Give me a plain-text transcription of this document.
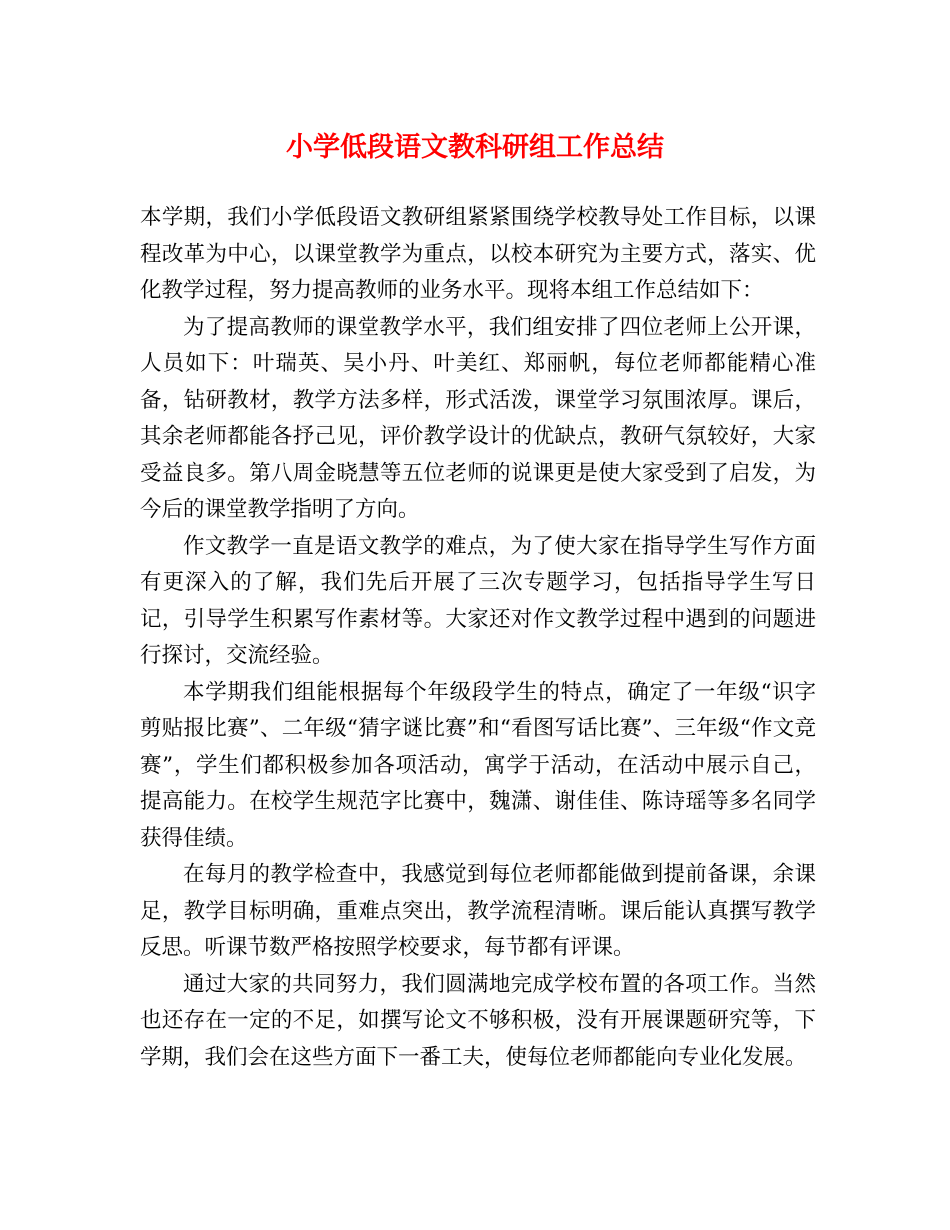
小学低段语文教科研组工作总结

本学期，我们小学低段语文教研组紧紧围绕学校教导处工作目标，以课程改革为中心，以课堂教学为重点，以校本研究为主要方式，落实、优化教学过程，努力提高教师的业务水平。现将本组工作总结如下：

为了提高教师的课堂教学水平，我们组安排了四位老师上公开课，人员如下：叶瑞英、吴小丹、叶美红、郑丽帆，每位老师都能精心准备，钻研教材，教学方法多样，形式活泼，课堂学习氛围浓厚。课后，其余老师都能各抒己见，评价教学设计的优缺点，教研气氛较好，大家受益良多。第八周金晓慧等五位老师的说课更是使大家受到了启发，为今后的课堂教学指明了方向。

作文教学一直是语文教学的难点，为了使大家在指导学生写作方面有更深入的了解，我们先后开展了三次专题学习，包括指导学生写日记，引导学生积累写作素材等。大家还对作文教学过程中遇到的问题进行探讨，交流经验。

本学期我们组能根据每个年级段学生的特点，确定了一年级“识字剪贴报比赛”、二年级“猜字谜比赛”和“看图写话比赛”、三年级“作文竞赛”，学生们都积极参加各项活动，寓学于活动，在活动中展示自己，提高能力。在校学生规范字比赛中，魏潇、谢佳佳、陈诗瑶等多名同学获得佳绩。

在每月的教学检查中，我感觉到每位老师都能做到提前备课，余课足，教学目标明确，重难点突出，教学流程清晰。课后能认真撰写教学反思。听课节数严格按照学校要求，每节都有评课。

通过大家的共同努力，我们圆满地完成学校布置的各项工作。当然也还存在一定的不足，如撰写论文不够积极，没有开展课题研究等，下学期，我们会在这些方面下一番工夫，使每位老师都能向专业化发展。
